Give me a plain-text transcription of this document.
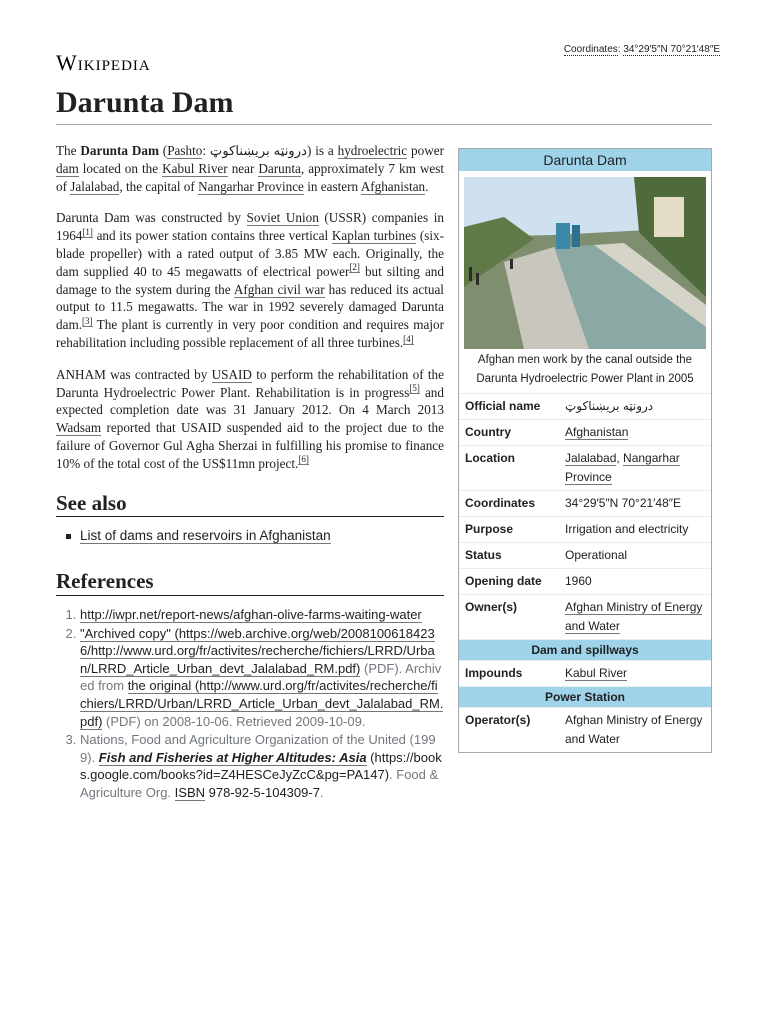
Wikipedia
Coordinates: 34°29′5″N 70°21′48″E
Darunta Dam

The Darunta Dam (Pashto: درونټه بريښناکوټ) is a hydroelectric power dam located on the Kabul River near Darunta, approximately 7 km west of Jalalabad, the capital of Nangarhar Province in eastern Afghanistan.

Darunta Dam was constructed by Soviet Union (USSR) companies in 1964[1] and its power station contains three vertical Kaplan turbines (six-blade propeller) with a rated output of 3.85 MW each. Originally, the dam supplied 40 to 45 megawatts of electrical power[2] but silting and damage to the system during the Afghan civil war has reduced its actual output to 11.5 megawatts. The war in 1992 severely damaged Darunta dam.[3] The plant is currently in very poor condition and requires major rehabilitation including possible replacement of all three turbines.[4]

ANHAM was contracted by USAID to perform the rehabilitation of the Darunta Hydroelectric Power Plant. Rehabilitation is in progress[5] and expected completion date was 31 January 2012. On 4 March 2013 Wadsam reported that USAID suspended aid to the project due to the failure of Governor Gul Agha Sherzai in fulfilling his promise to finance 10% of the total cost of the US$11mn project.[6]

See also
List of dams and reservoirs in Afghanistan
References
1. http://iwpr.net/report-news/afghan-olive-farms-waiting-water
2. "Archived copy" (https://web.archive.org/web/20081006184236/http://www.urd.org/fr/activites/recherche/fichiers/LRRD/Urban/LRRD_Article_Urban_devt_Jalalabad_RM.pdf) (PDF). Archived from the original (http://www.urd.org/fr/activites/recherche/fichiers/LRRD/Urban/LRRD_Article_Urban_devt_Jalalabad_RM.pdf) (PDF) on 2008-10-06. Retrieved 2009-10-09.
3. Nations, Food and Agriculture Organization of the United (1999). Fish and Fisheries at Higher Altitudes: Asia (https://books.google.com/books?id=Z4HESCeJyZcC&pg=PA147). Food & Agriculture Org. ISBN 978-92-5-104309-7.
Darunta Dam
Afghan men work by the canal outside the Darunta Hydroelectric Power Plant in 2005
Official name	درونټه بريښناکوټ
Country	Afghanistan
Location	Jalalabad, Nangarhar Province
Coordinates	34°29′5″N 70°21′48″E
Purpose	Irrigation and electricity
Status	Operational
Opening date	1960
Owner(s)	Afghan Ministry of Energy and Water
Dam and spillways
Impounds	Kabul River
Power Station
Operator(s)	Afghan Ministry of Energy and Water
